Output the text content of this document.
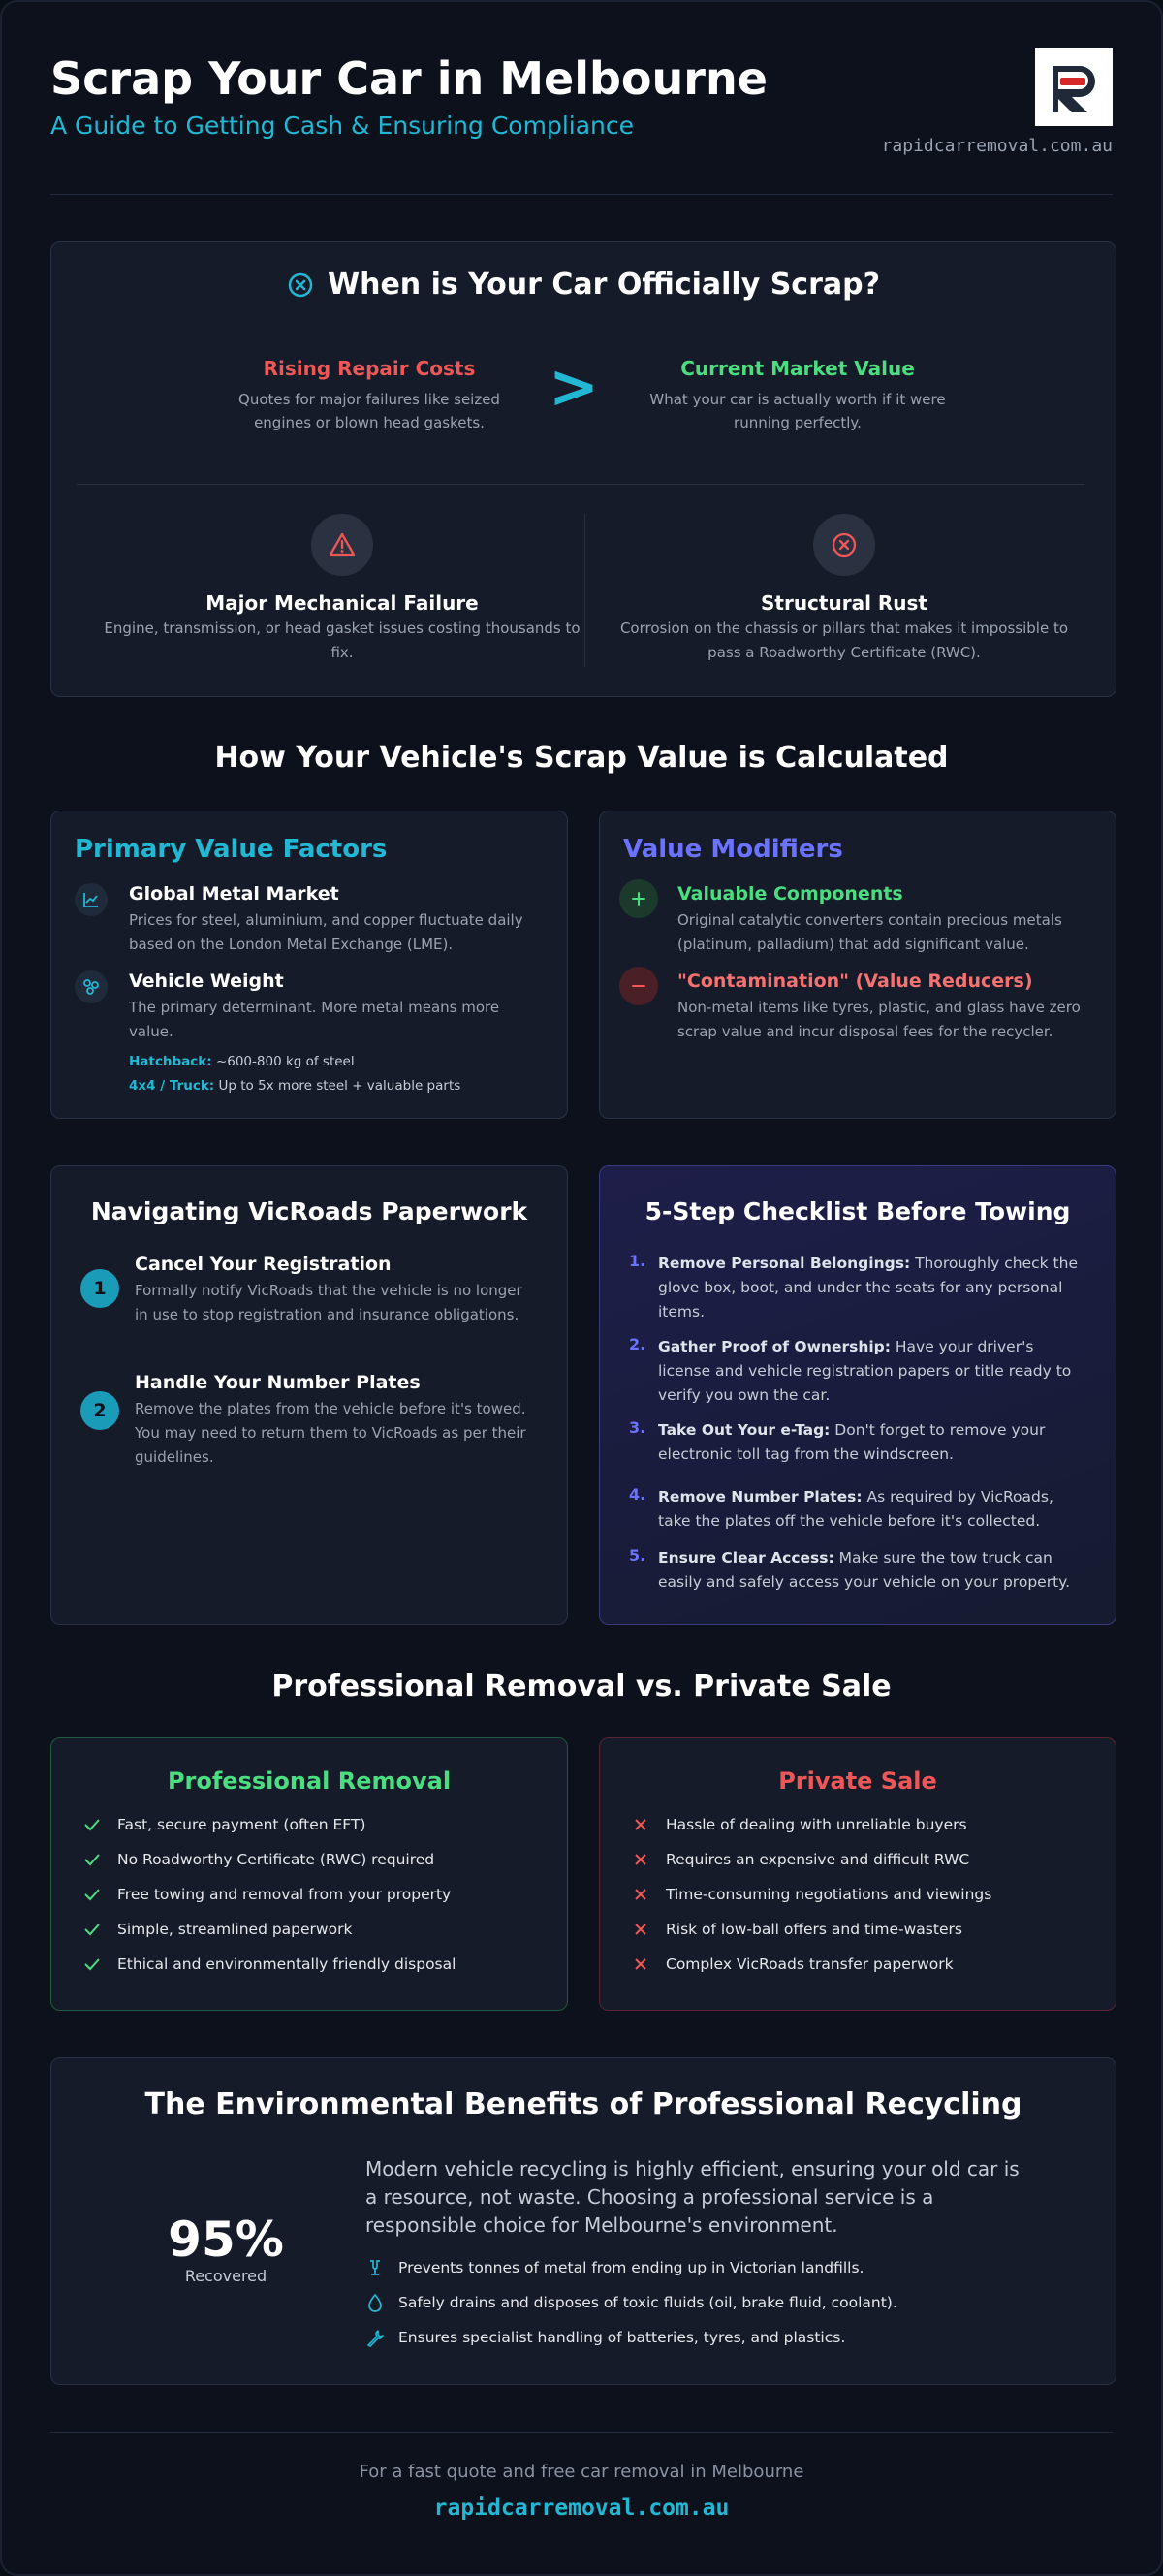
Scrap Your Car in Melbourne
A Guide to Getting Cash & Ensuring Compliance
rapidcarremoval.com.au
When is Your Car Officially Scrap?
Rising Repair Costs
Quotes for major failures like seized engines or blown head gaskets.
>	Current Market Value
What your car is actually worth if it were running perfectly.
Major Mechanical Failure
Engine, transmission, or head gasket issues costing thousands to fix.
Structural Rust
Corrosion on the chassis or pillars that makes it impossible to pass a Roadworthy Certificate (RWC).
How Your Vehicle's Scrap Value is Calculated
Primary Value Factors
Global Metal Market
Prices for steel, aluminium, and copper fluctuate daily based on the London Metal Exchange (LME).
Vehicle Weight
The primary determinant. More metal means more value.
Hatchback: ~600-800 kg of steel
4x4 / Truck: Up to 5x more steel + valuable parts
Value Modifiers
Valuable Components
Original catalytic converters contain precious metals (platinum, palladium) that add significant value.
"Contamination" (Value Reducers)
Non-metal items like tyres, plastic, and glass have zero scrap value and incur disposal fees for the recycler.
Navigating VicRoads Paperwork
1
Cancel Your Registration
Formally notify VicRoads that the vehicle is no longer in use to stop registration and insurance obligations.
2
Handle Your Number Plates
Remove the plates from the vehicle before it's towed. You may need to return them to VicRoads as per their guidelines.
5-Step Checklist Before Towing
1. Remove Personal Belongings: Thoroughly check the glove box, boot, and under the seats for any personal items.
2. Gather Proof of Ownership: Have your driver's license and vehicle registration papers or title ready to verify you own the car.
3. Take Out Your e-Tag: Don't forget to remove your electronic toll tag from the windscreen.
4. Remove Number Plates: As required by VicRoads, take the plates off the vehicle before it's collected.
5. Ensure Clear Access: Make sure the tow truck can easily and safely access your vehicle on your property.
Professional Removal vs. Private Sale
Professional Removal
Fast, secure payment (often EFT)
No Roadworthy Certificate (RWC) required
Free towing and removal from your property
Simple, streamlined paperwork
Ethical and environmentally friendly disposal
Private Sale
Hassle of dealing with unreliable buyers
Requires an expensive and difficult RWC
Time-consuming negotiations and viewings
Risk of low-ball offers and time-wasters
Complex VicRoads transfer paperwork
The Environmental Benefits of Professional Recycling
95%
Recovered
Modern vehicle recycling is highly efficient, ensuring your old car is a resource, not waste. Choosing a professional service is a responsible choice for Melbourne's environment.
Prevents tonnes of metal from ending up in Victorian landfills.
Safely drains and disposes of toxic fluids (oil, brake fluid, coolant).
Ensures specialist handling of batteries, tyres, and plastics.
For a fast quote and free car removal in Melbourne
rapidcarremoval.com.au
